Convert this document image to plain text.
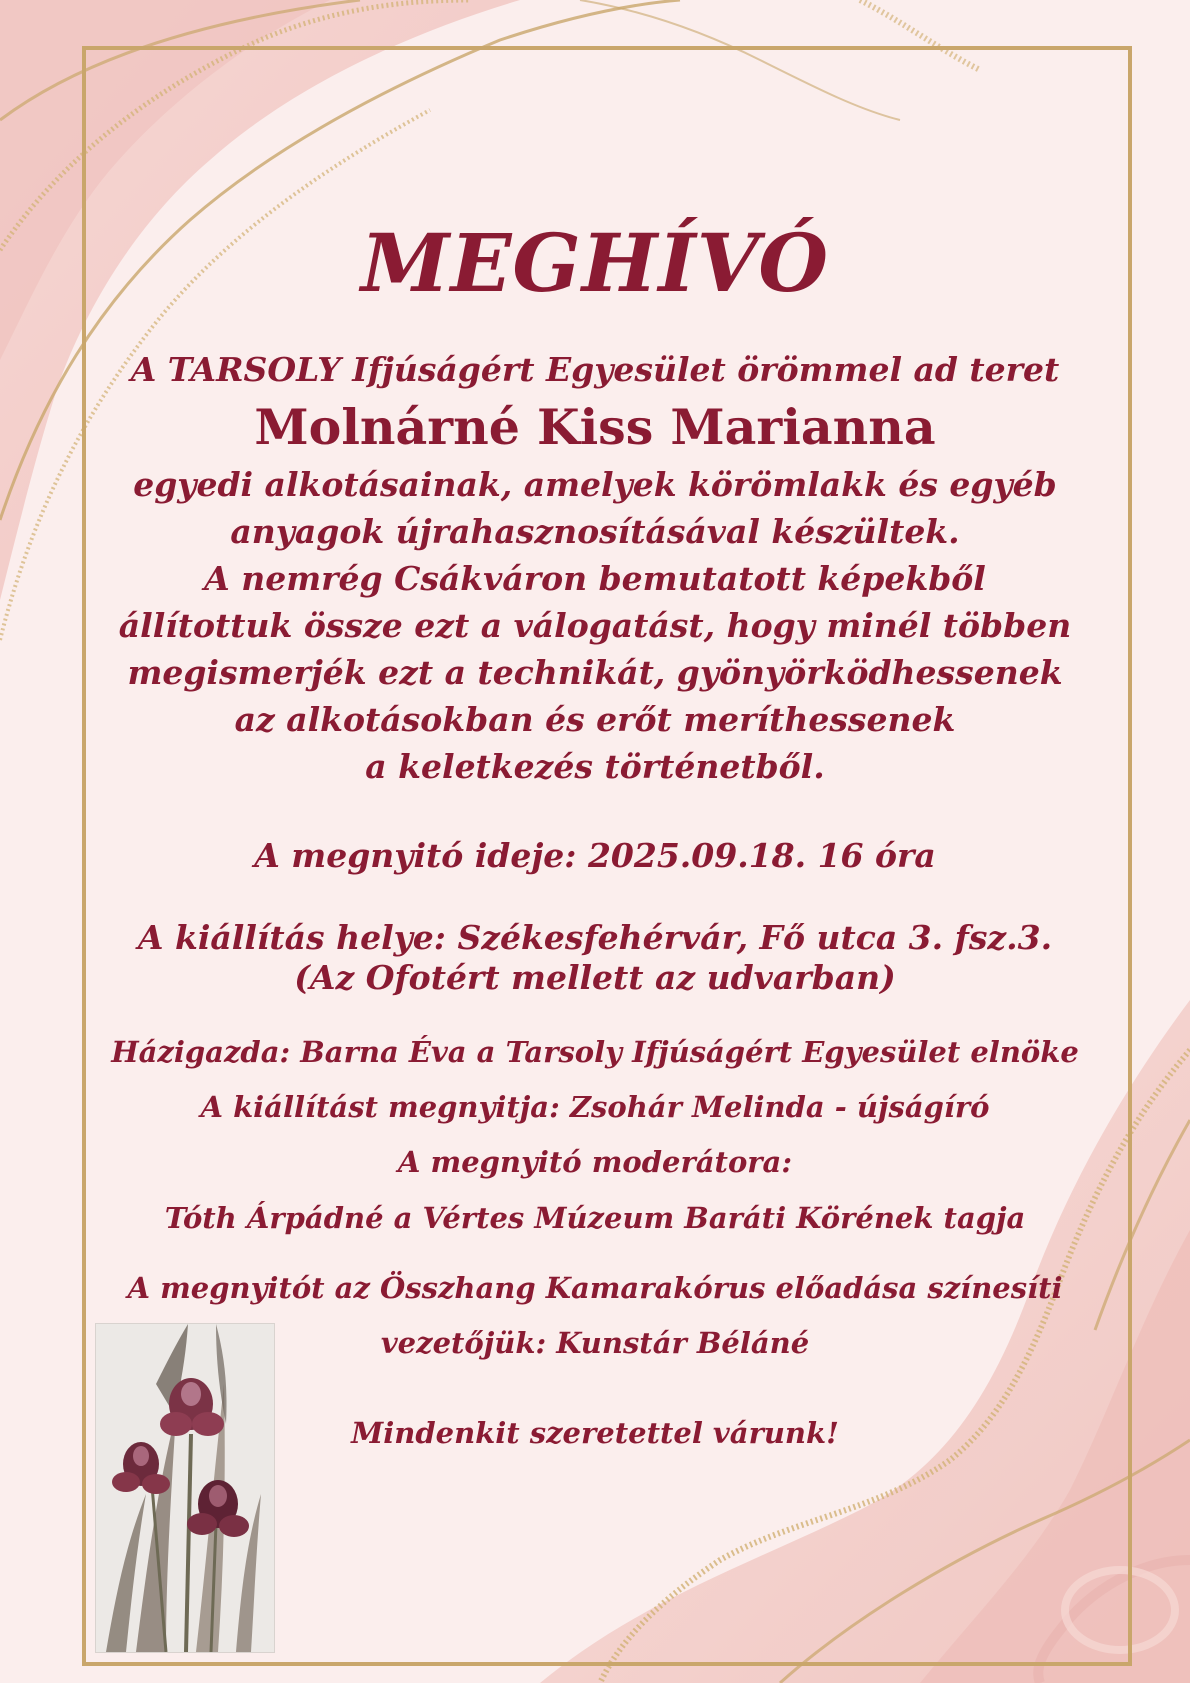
MEGHÍVÓ
A TARSOLY Ifjúságért Egyesület örömmel ad teret
Molnárné Kiss Marianna
egyedi alkotásainak, amelyek körömlakk és egyéb
anyagok újrahasznosításával készültek.
A nemrég Csákváron bemutatott képekből
állítottuk össze ezt a válogatást, hogy minél többen
megismerjék ezt a technikát, gyönyörködhessenek
az alkotásokban és erőt meríthessenek
a keletkezés történetből.
A megnyitó ideje: 2025.09.18. 16 óra
A kiállítás helye: Székesfehérvár, Fő utca 3. fsz.3.
(Az Ofotért mellett az udvarban)
Házigazda: Barna Éva a Tarsoly Ifjúságért Egyesület elnöke
A kiállítást megnyitja: Zsohár Melinda - újságíró
A megnyitó moderátora:
Tóth Árpádné a Vértes Múzeum Baráti Körének tagja
A megnyitót az Összhang Kamarakórus előadása színesíti
vezetőjük: Kunstár Béláné
Mindenkit szeretettel várunk!
